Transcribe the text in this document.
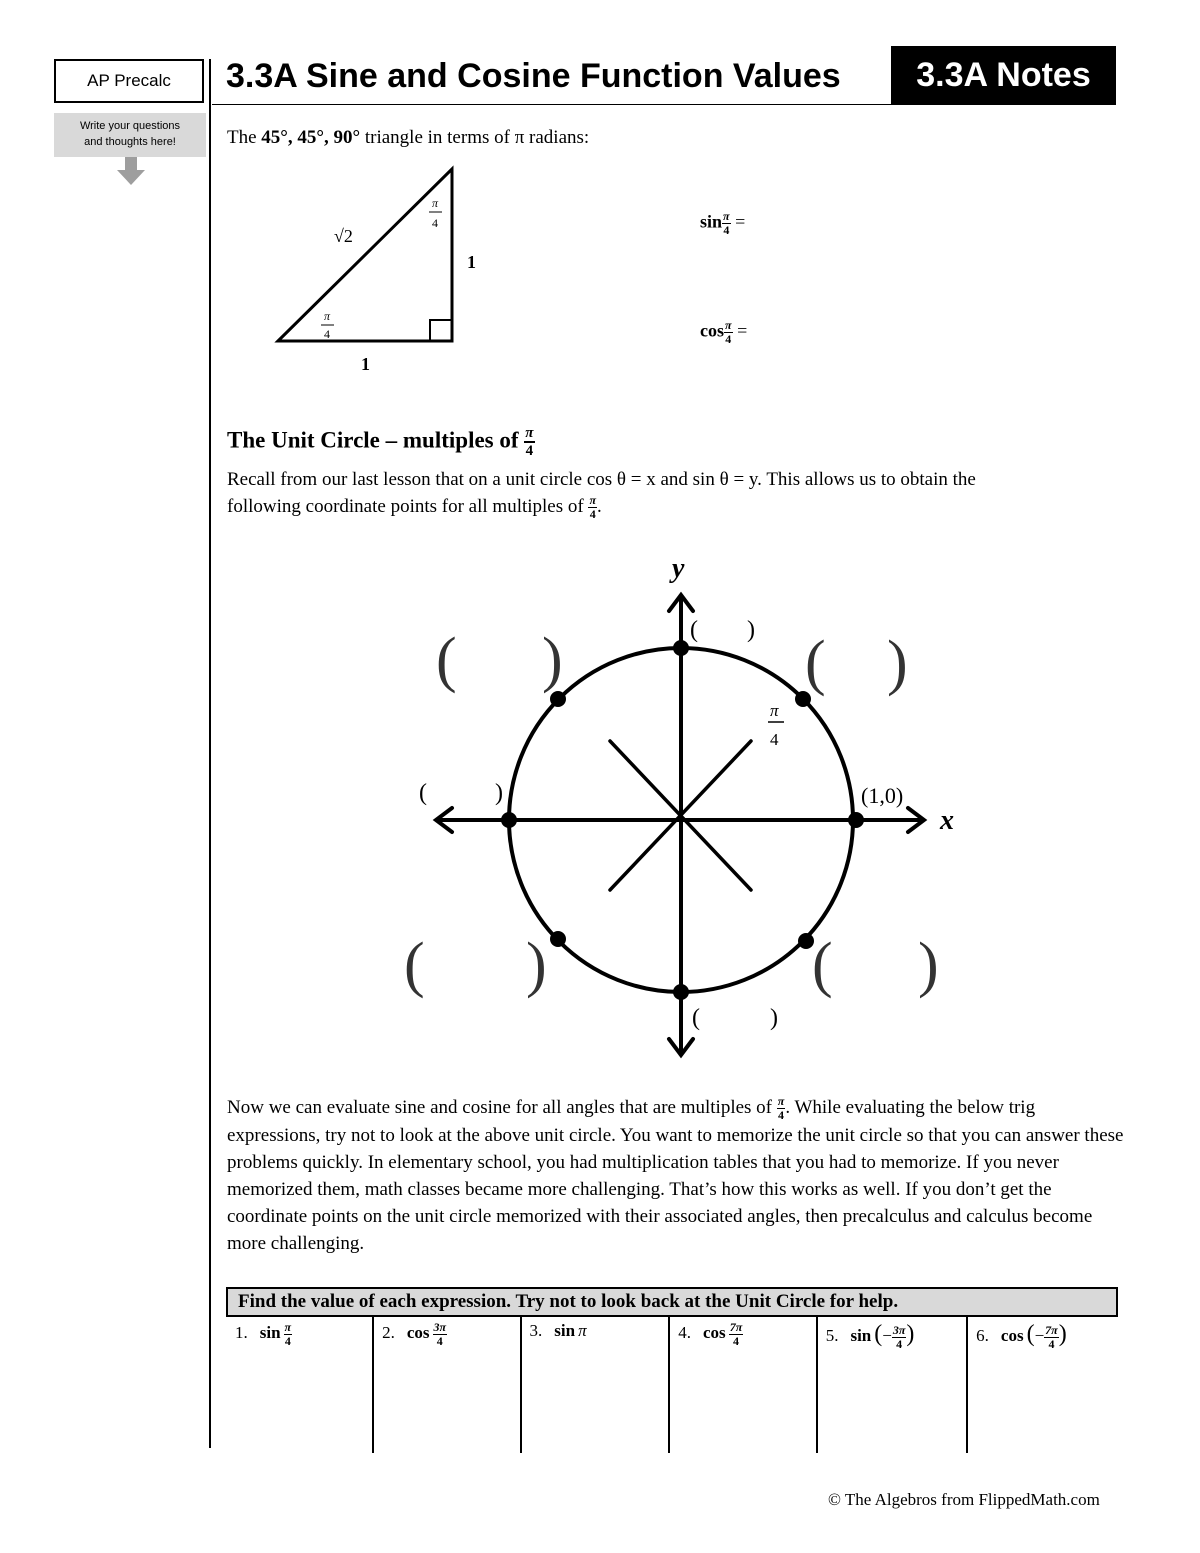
AP Precalc
Write your questions
and thoughts here!
3.3A Sine and Cosine Function Values	3.3A Notes
The 45°, 45°, 90° triangle in terms of π radians:
√2
1
1
π
4
π
4
$\sin \frac{\pi}{4}$ =
$\cos \frac{\pi}{4}$ =
The Unit Circle – multiples of $\frac{\pi}{4}$
Recall from our last lesson that on a unit circle cos θ = x and sin θ = y. This allows us to obtain the
following coordinate points for all multiples of $\frac{\pi}{4}$ .
y
x
(1,0)
π
4
( )
(	)
(	)
( )	( )
( )	( )
Now we can evaluate sine and cosine for all angles that are multiples of $\frac{\pi}{4}$ . While evaluating the below trig expressions, try not to look at the above unit circle. You want to memorize the unit circle so that you can answer these problems quickly. In elementary school, you had multiplication tables that you had to memorize. If you never memorized them, math classes became more challenging. That’s how this works as well. If you don’t get the coordinate points on the unit circle memorized with their associated angles, then precalculus and calculus become more challenging.
Find the value of each expression. Try not to look back at the Unit Circle for help.
1. $\sin \frac{\pi}{4}$	2. $\cos \frac{3\pi}{4}$	3. sin π	4. $\cos \frac{7\pi}{4}$	5. sin (− $\frac{3\pi}{4}$ )	6. cos (− $\frac{7\pi}{4}$ )
© The Algebros from FlippedMath.com
